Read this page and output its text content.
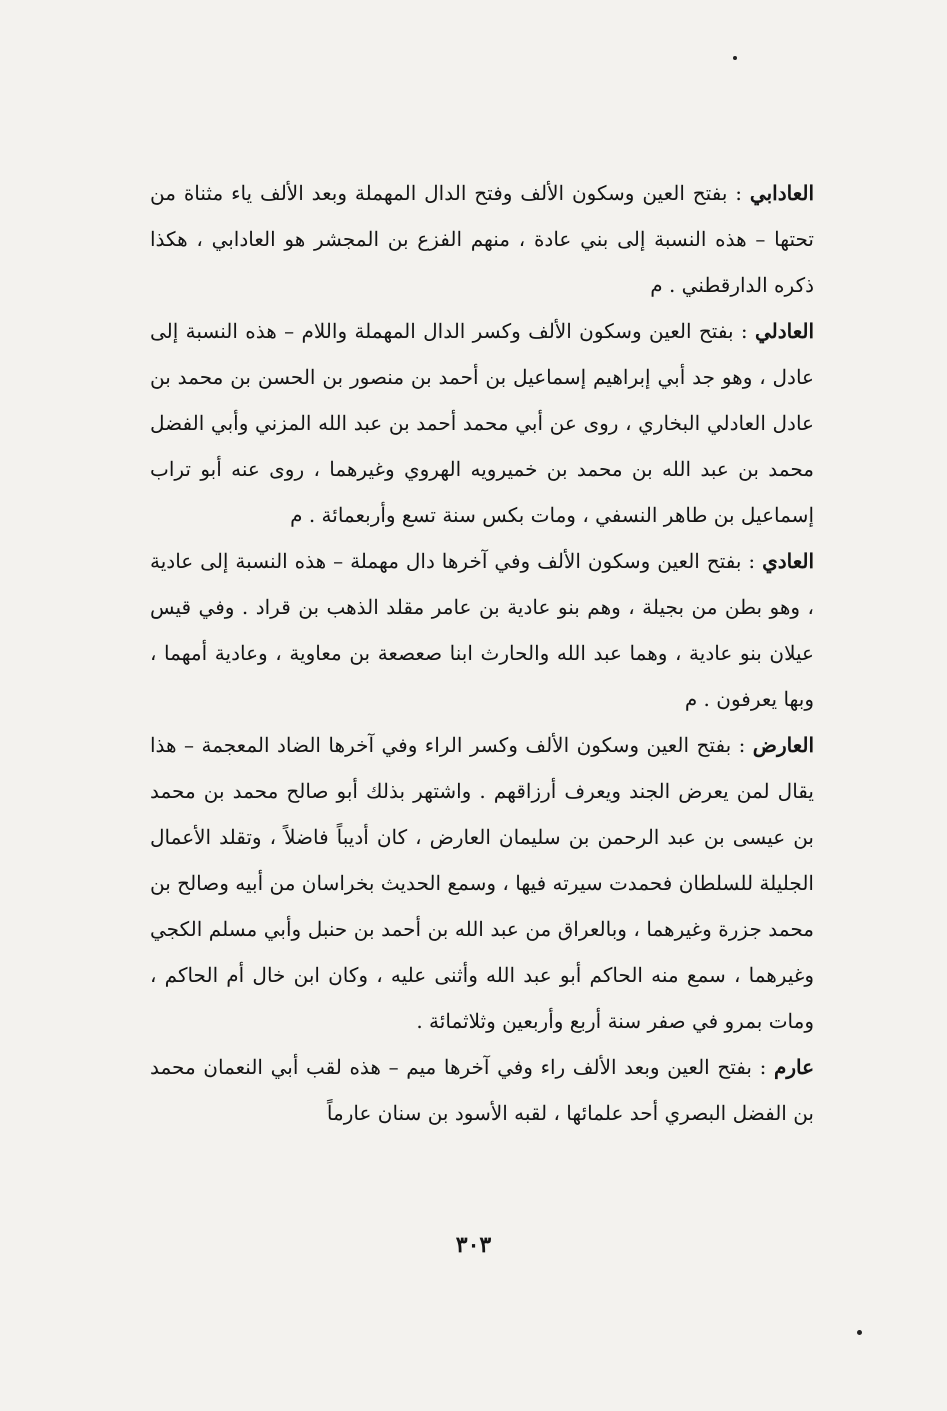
العادابي : بفتح العين وسكون الألف وفتح الدال المهملة وبعد الألف ياء مثناة من تحتها – هذه النسبة إلى بني عادة ، منهم الفزع بن المجشر هو العادابي ، هكذا ذكره الدارقطني . م

العادلي : بفتح العين وسكون الألف وكسر الدال المهملة واللام – هذه النسبة إلى عادل ، وهو جد أبي إبراهيم إسماعيل بن أحمد بن منصور بن الحسن بن محمد بن عادل العادلي البخاري ، روى عن أبي محمد أحمد بن عبد الله المزني وأبي الفضل محمد بن عبد الله بن محمد بن خميرويه الهروي وغيرهما ، روى عنه أبو تراب إسماعيل بن طاهر النسفي ، ومات بكس سنة تسع وأربعمائة . م

العادي : بفتح العين وسكون الألف وفي آخرها دال مهملة – هذه النسبة إلى عادية ، وهو بطن من بجيلة ، وهم بنو عادية بن عامر مقلد الذهب بن قراد . وفي قيس عيلان بنو عادية ، وهما عبد الله والحارث ابنا صعصعة بن معاوية ، وعادية أمهما ، وبها يعرفون . م

العارض : بفتح العين وسكون الألف وكسر الراء وفي آخرها الضاد المعجمة – هذا يقال لمن يعرض الجند ويعرف أرزاقهم . واشتهر بذلك أبو صالح محمد بن محمد بن عيسى بن عبد الرحمن بن سليمان العارض ، كان أديباً فاضلاً ، وتقلد الأعمال الجليلة للسلطان فحمدت سيرته فيها ، وسمع الحديث بخراسان من أبيه وصالح بن محمد جزرة وغيرهما ، وبالعراق من عبد الله بن أحمد بن حنبل وأبي مسلم الكجي وغيرهما ، سمع منه الحاكم أبو عبد الله وأثنى عليه ، وكان ابن خال أم الحاكم ، ومات بمرو في صفر سنة أربع وأربعين وثلاثمائة .

عارم : بفتح العين وبعد الألف راء وفي آخرها ميم – هذه لقب أبي النعمان محمد بن الفضل البصري أحد علمائها ، لقبه الأسود بن سنان عارماً

٣٠٣
